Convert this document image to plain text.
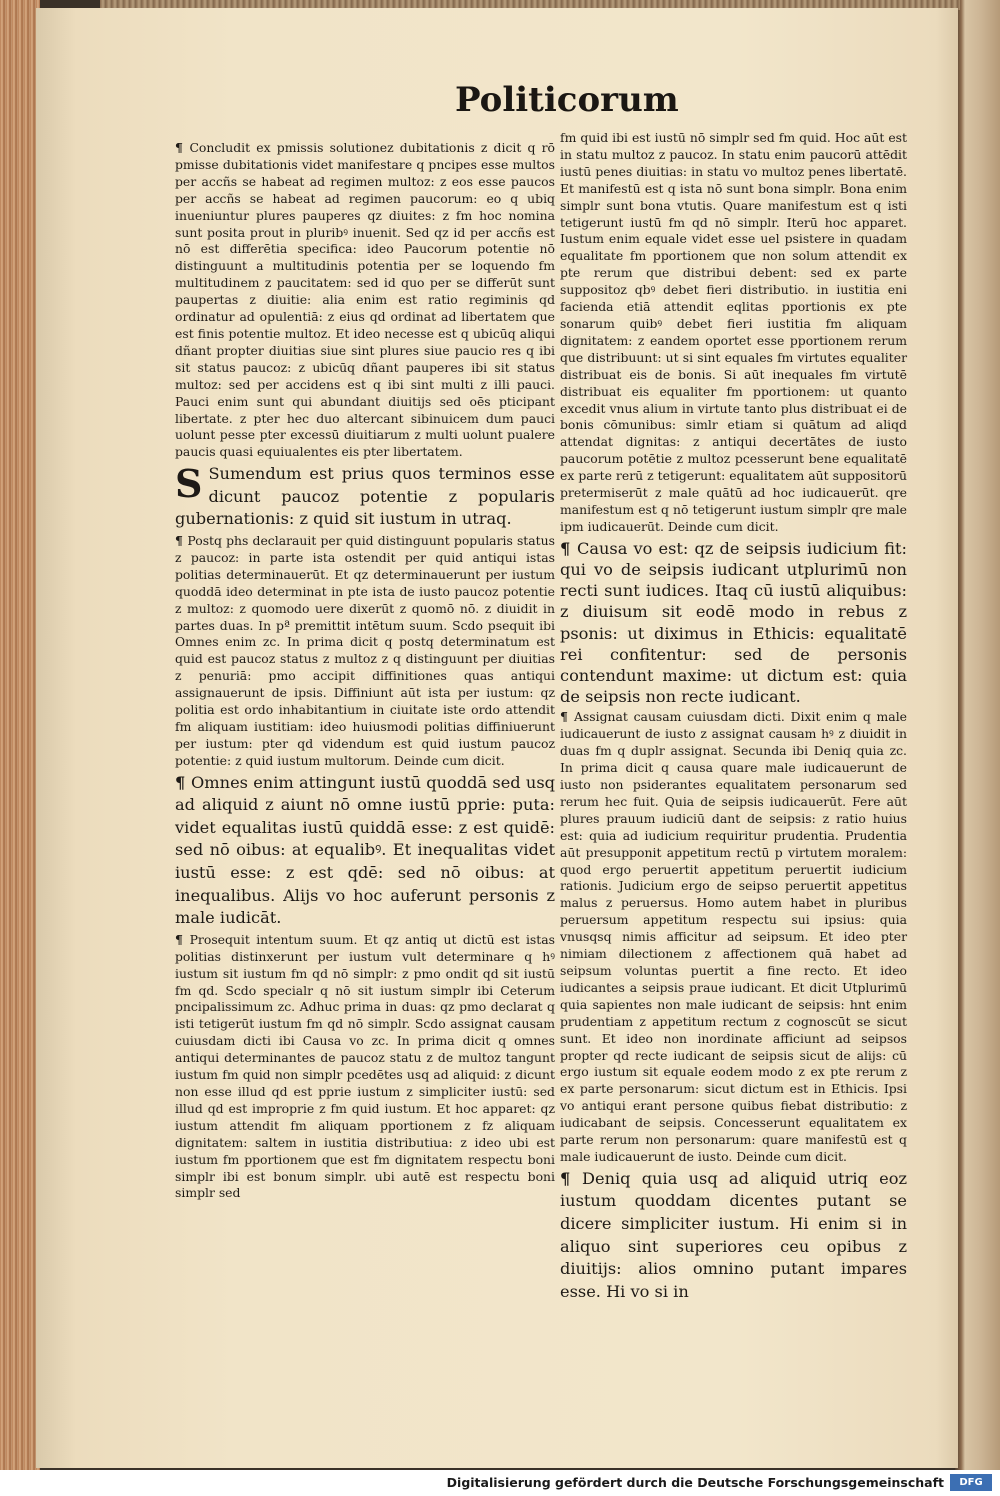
Politicorum

¶ Concludit ex pmissis solutionez dubitationis z dicit q rō pmisse dubitationis videt manifestare q pncipes esse multos per accñs se habeat ad regimen multoz: z eos esse paucos per accñs se habeat ad regimen paucorum: eo q ubiq inueniuntur plures pauperes qz diuites: z fm hoc nomina sunt posita prout in pluribꝰ inuenit. Sed qz id per accñs est nō est differētia specifica: ideo Paucorum potentie nō distinguunt a multitudinis potentia per se loquendo fm multitudinem z paucitatem: sed id quo per se differūt sunt paupertas z diuitie: alia enim est ratio regiminis qd ordinatur ad opulentiā: z eius qd ordinat ad libertatem que est finis potentie multoz. Et ideo necesse est q ubicūq aliqui dñant propter diuitias siue sint plures siue paucio res q ibi sit status paucoz: z ubicūq dñant pauperes ibi sit status multoz: sed per accidens est q ibi sint multi z illi pauci. Pauci enim sunt qui abundant diuitijs sed oēs pticipant libertate. z pter hec duo altercant sibinuicem dum pauci uolunt pesse pter excessū diuitiarum z multi uolunt pualere paucis quasi equiualentes eis pter libertatem.

S Sumendum est prius quos terminos esse dicunt paucoz potentie z popularis gubernationis: z quid sit iustum in utraq.

¶ Postq phs declarauit per quid distinguunt popularis status z paucoz: in parte ista ostendit per quid antiqui istas politias determinauerūt. Et qz determinauerunt per iustum quoddā ideo determinat in pte ista de iusto paucoz potentie z multoz: z quomodo uere dixerūt z quomō nō. z diuidit in partes duas. In pª premittit intētum suum. Scdo psequit ibi Omnes enim zc. In prima dicit q postq determinatum est quid est paucoz status z multoz z q distinguunt per diuitias z penuriā: pmo accipit diffinitiones quas antiqui assignauerunt de ipsis. Diffiniunt aūt ista per iustum: qz politia est ordo inhabitantium in ciuitate iste ordo attendit fm aliquam iustitiam: ideo huiusmodi politias diffiniuerunt per iustum: pter qd videndum est quid iustum paucoz potentie: z quid iustum multorum. Deinde cum dicit.

¶ Omnes enim attingunt iustū quoddā sed usq ad aliquid z aiunt nō omne iustū pprie: puta: videt equalitas iustū quiddā esse: z est quidē: sed nō oibus: at equalibꝰ. Et inequalitas videt iustū esse: z est qdē: sed nō oibus: at inequalibus. Alijs vo hoc auferunt personis z male iudicāt.

¶ Prosequit intentum suum. Et qz antiq ut dictū est istas politias distinxerunt per iustum vult determinare q hꝰ iustum sit iustum fm qd nō simplr: z pmo ondit qd sit iustū fm qd. Scdo specialr q nō sit iustum simplr ibi Ceterum pncipalissimum zc. Adhuc prima in duas: qz pmo declarat q isti tetigerūt iustum fm qd nō simplr. Scdo assignat causam cuiusdam dicti ibi Causa vo zc. In prima dicit q omnes antiqui determinantes de paucoz statu z de multoz tangunt iustum fm quid non simplr pcedētes usq ad aliquid: z dicunt non esse illud qd est pprie iustum z simpliciter iustū: sed illud qd est improprie z fm quid iustum. Et hoc apparet: qz iustum attendit fm aliquam pportionem z fz aliquam dignitatem: saltem in iustitia distributiua: z ideo ubi est iustum fm pportionem que est fm dignitatem respectu boni simplr ibi est bonum simplr. ubi autē est respectu boni simplr sed

fm quid ibi est iustū nō simplr sed fm quid. Hoc aūt est in statu multoz z paucoz. In statu enim paucorū attēdit iustū penes diuitias: in statu vo multoz penes libertatē. Et manifestū est q ista nō sunt bona simplr. Bona enim simplr sunt bona vtutis. Quare manifestum est q isti tetigerunt iustū fm qd nō simplr. Iterū hoc apparet. Iustum enim equale videt esse uel psistere in quadam equalitate fm pportionem que non solum attendit ex pte rerum que distribui debent: sed ex parte suppositoz qbꝰ debet fieri distributio. in iustitia eni facienda etiā attendit eqlitas pportionis ex pte sonarum quibꝰ debet fieri iustitia fm aliquam dignitatem: z eandem oportet esse pportionem rerum que distribuunt: ut si sint equales fm virtutes equaliter distribuat eis de bonis. Si aūt inequales fm virtutē distribuat eis equaliter fm pportionem: ut quanto excedit vnus alium in virtute tanto plus distribuat ei de bonis cōmunibus: simlr etiam si quātum ad aliqd attendat dignitas: z antiqui decertātes de iusto paucorum potētie z multoz pcesserunt bene equalitatē ex parte rerū z tetigerunt: equalitatem aūt suppositorū pretermiserūt z male quātū ad hoc iudicauerūt. qre manifestum est q nō tetigerunt iustum simplr qre male ipm iudicauerūt. Deinde cum dicit.

¶ Causa vo est: qz de seipsis iudicium fit: qui vo de seipsis iudicant utplurimū non recti sunt iudices. Itaq cū iustū aliquibus: z diuisum sit eodē modo in rebus z psonis: ut diximus in Ethicis: equalitatē rei confitentur: sed de personis contendunt maxime: ut dictum est: quia de seipsis non recte iudicant.

¶ Assignat causam cuiusdam dicti. Dixit enim q male iudicauerunt de iusto z assignat causam hꝰ z diuidit in duas fm q duplr assignat. Secunda ibi Deniq quia zc. In prima dicit q causa quare male iudicauerunt de iusto non psiderantes equalitatem personarum sed rerum hec fuit. Quia de seipsis iudicauerūt. Fere aūt plures prauum iudiciū dant de seipsis: z ratio huius est: quia ad iudicium requiritur prudentia. Prudentia aūt presupponit appetitum rectū p virtutem moralem: quod ergo peruertit appetitum peruertit iudicium rationis. Judicium ergo de seipso peruertit appetitus malus z peruersus. Homo autem habet in pluribus peruersum appetitum respectu sui ipsius: quia vnusqsq nimis afficitur ad seipsum. Et ideo pter nimiam dilectionem z affectionem quā habet ad seipsum voluntas puertit a fine recto. Et ideo iudicantes a seipsis praue iudicant. Et dicit Utplurimū quia sapientes non male iudicant de seipsis: hnt enim prudentiam z appetitum rectum z cognoscūt se sicut sunt. Et ideo non inordinate afficiunt ad seipsos propter qd recte iudicant de seipsis sicut de alijs: cū ergo iustum sit equale eodem modo z ex pte rerum z ex parte personarum: sicut dictum est in Ethicis. Ipsi vo antiqui erant persone quibus fiebat distributio: z iudicabant de seipsis. Concesserunt equalitatem ex parte rerum non personarum: quare manifestū est q male iudicauerunt de iusto. Deinde cum dicit.

¶ Deniq quia usq ad aliquid utriq eoz iustum quoddam dicentes putant se dicere simpliciter iustum. Hi enim si in aliquo sint superiores ceu opibus z diuitijs: alios omnino putant impares esse. Hi vo si in

Digitalisierung gefördert durch die Deutsche Forschungsgemeinschaft	DFG
